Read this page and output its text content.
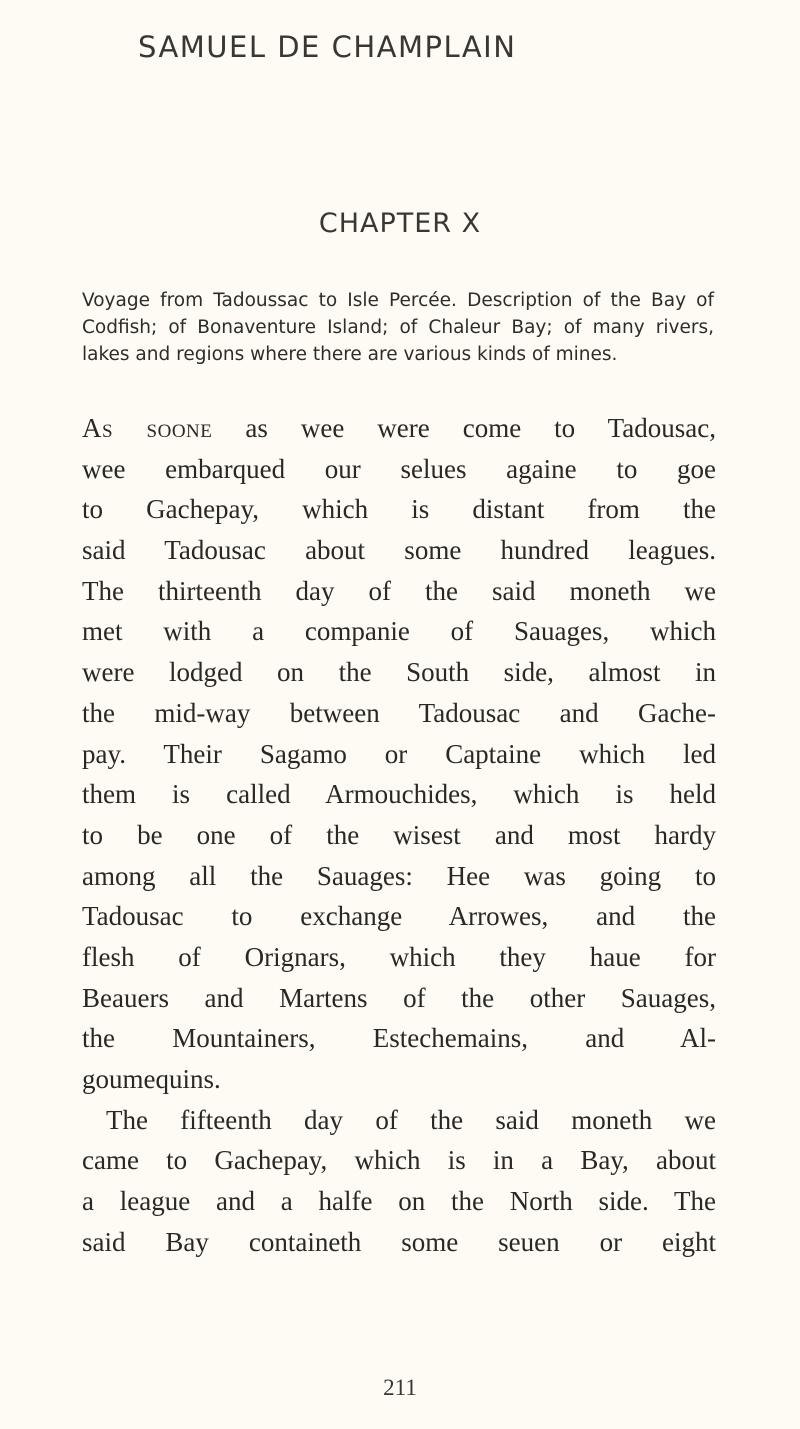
SAMUEL DE CHAMPLAIN
CHAPTER X
Voyage from Tadoussac to Isle Percée. Description of the Bay of Codfish; of Bonaventure Island; of Chaleur Bay; of many rivers, lakes and regions where there are various kinds of mines.
As soone as wee were come to Tadousac,
wee embarqued our selues againe to goe
to Gachepay, which is distant from the
said Tadousac about some hundred leagues.
The thirteenth day of the said moneth we
met with a companie of Sauages, which
were lodged on the South side, almost in
the mid-way between Tadousac and Gache-
pay. Their Sagamo or Captaine which led
them is called Armouchides, which is held
to be one of the wisest and most hardy
among all the Sauages: Hee was going to
Tadousac to exchange Arrowes, and the
flesh of Orignars, which they haue for
Beauers and Martens of the other Sauages,
the Mountainers, Estechemains, and Al-
goumequins.
The fifteenth day of the said moneth we
came to Gachepay, which is in a Bay, about
a league and a halfe on the North side. The
said Bay containeth some seuen or eight
211
